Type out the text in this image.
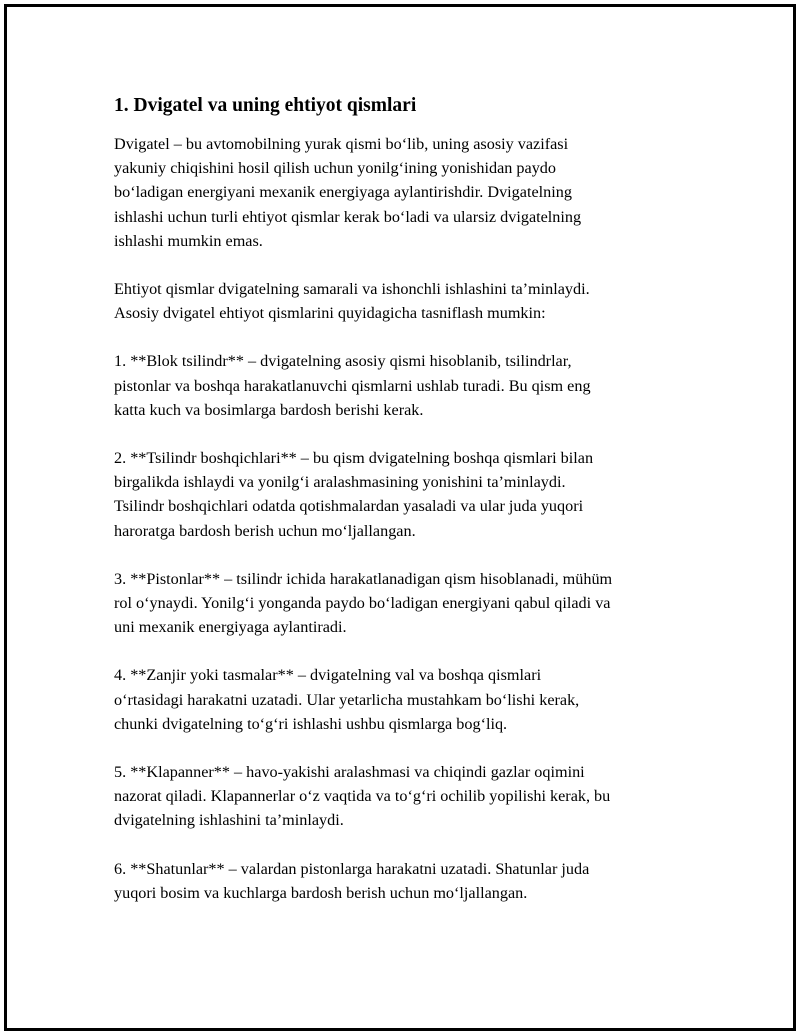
1. Dvigatel va uning ehtiyot qismlari

Dvigatel – bu avtomobilning yurak qismi bo‘lib, uning asosiy vazifasi
yakuniy chiqishini hosil qilish uchun yonilg‘ining yonishidan paydo
bo‘ladigan energiyani mexanik energiyaga aylantirishdir. Dvigatelning
ishlashi uchun turli ehtiyot qismlar kerak bo‘ladi va ularsiz dvigatelning
ishlashi mumkin emas.

Ehtiyot qismlar dvigatelning samarali va ishonchli ishlashini ta’minlaydi.
Asosiy dvigatel ehtiyot qismlarini quyidagicha tasniflash mumkin:

1. **Blok tsilindr** – dvigatelning asosiy qismi hisoblanib, tsilindrlar,
pistonlar va boshqa harakatlanuvchi qismlarni ushlab turadi. Bu qism eng
katta kuch va bosimlarga bardosh berishi kerak.

2. **Tsilindr boshqichlari** – bu qism dvigatelning boshqa qismlari bilan
birgalikda ishlaydi va yonilg‘i aralashmasining yonishini ta’minlaydi.
Tsilindr boshqichlari odatda qotishmalardan yasaladi va ular juda yuqori
haroratga bardosh berish uchun mo‘ljallangan.

3. **Pistonlar** – tsilindr ichida harakatlanadigan qism hisoblanadi, mühüm
rol o‘ynaydi. Yonilg‘i yonganda paydo bo‘ladigan energiyani qabul qiladi va
uni mexanik energiyaga aylantiradi.

4. **Zanjir yoki tasmalar** – dvigatelning val va boshqa qismlari
o‘rtasidagi harakatni uzatadi. Ular yetarlicha mustahkam bo‘lishi kerak,
chunki dvigatelning to‘g‘ri ishlashi ushbu qismlarga bog‘liq.

5. **Klapanner** – havo-yakishi aralashmasi va chiqindi gazlar oqimini
nazorat qiladi. Klapannerlar o‘z vaqtida va to‘g‘ri ochilib yopilishi kerak, bu
dvigatelning ishlashini ta’minlaydi.

6. **Shatunlar** – valardan pistonlarga harakatni uzatadi. Shatunlar juda
yuqori bosim va kuchlarga bardosh berish uchun mo‘ljallangan.
